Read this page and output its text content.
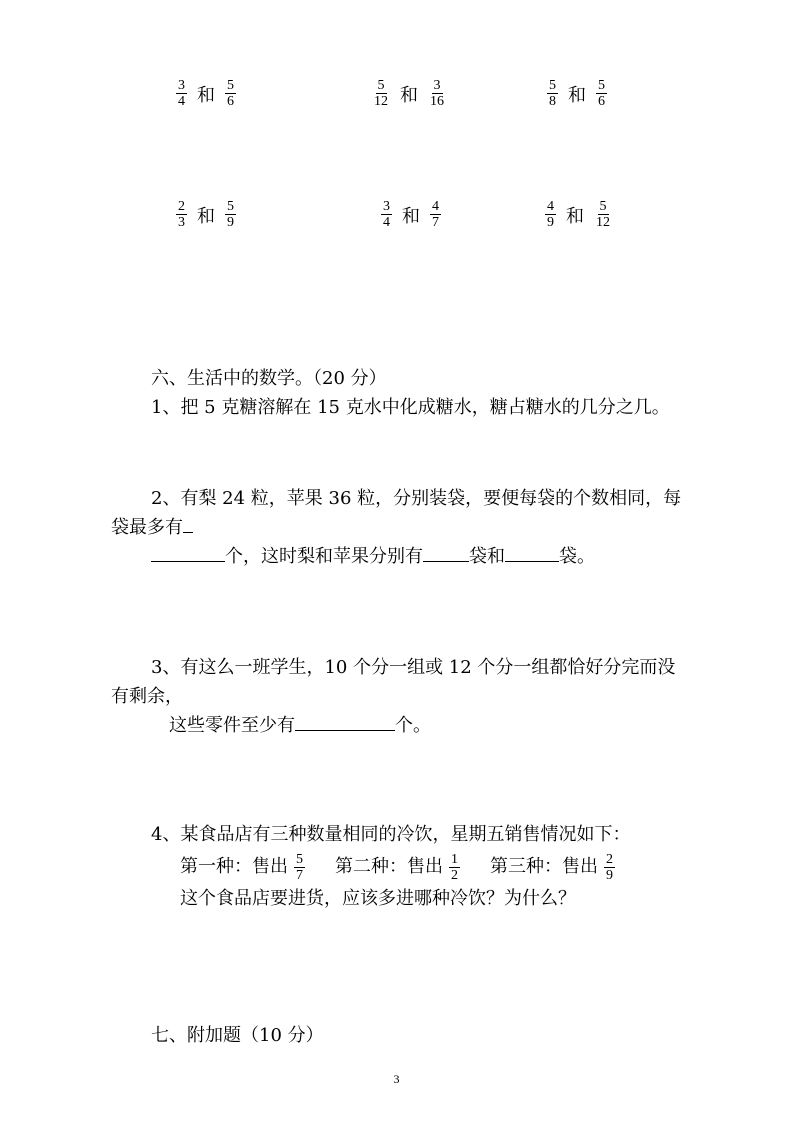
$\frac{3}{4}$ 和 $\frac{5}{6}$	$\frac{5}{12}$ 和 $\frac{3}{16}$	$\frac{5}{8}$ 和 $\frac{5}{6}$
$\frac{2}{3}$ 和 $\frac{5}{9}$	$\frac{3}{4}$ 和 $\frac{4}{7}$	$\frac{4}{9}$ 和 $\frac{5}{12}$
六、生活中的数学。（20 分）
1、把 5 克糖溶解在 15 克水中化成糖水，糖占糖水的几分之几。
2、有梨 24 粒，苹果 36 粒，分别装袋，要便每袋的个数相同，每
袋最多有
个，这时梨和苹果分别有	袋和	袋。
3、有这么一班学生，10 个分一组或 12 个分一组都恰好分完而没
有剩余，
这些零件至少有	个。
4、某食品店有三种数量相同的冷饮，星期五销售情况如下：
第一种：售出 $\frac{5}{7}$ 第二种：售出 $\frac{1}{2}$ 第三种：售出 $\frac{2}{9}$
这个食品店要进货，应该多进哪种冷饮？为什么？
七、附加题（10 分）
3
